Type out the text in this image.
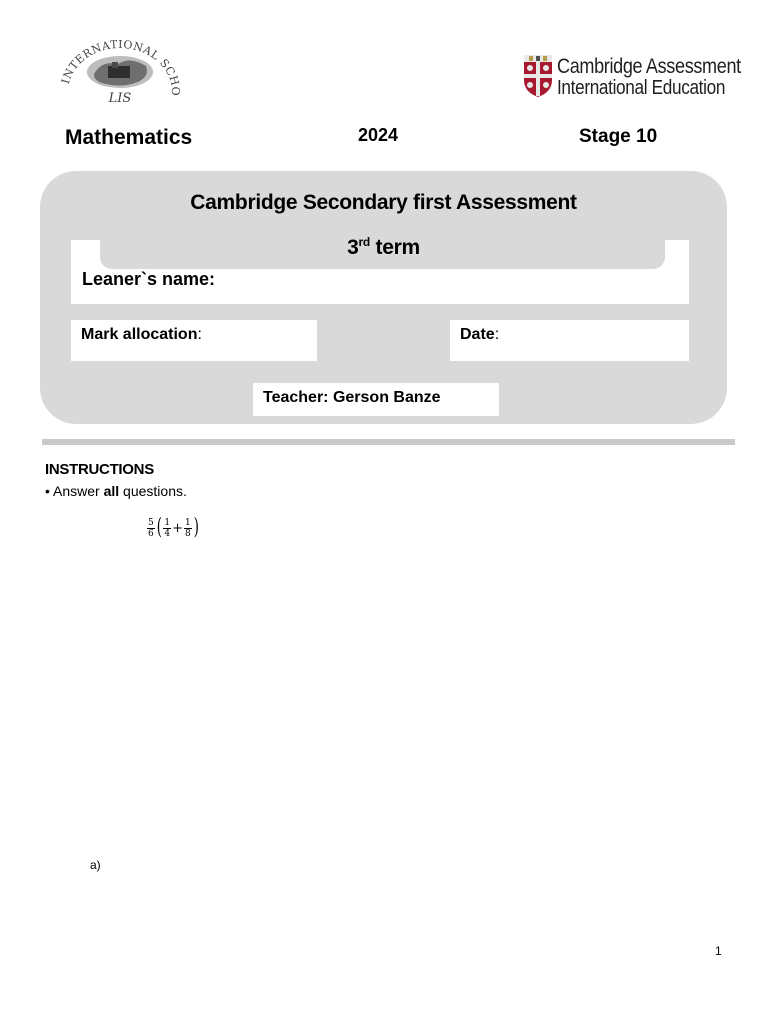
INTERNATIONAL SCHO
LIS
Cambridge Assessment
International Education
Mathematics	2024	Stage 10
Cambridge Secondary first Assessment
3rd term
Leaner`s name:
Mark allocation:	Date:
Teacher: Gerson Banze
INSTRUCTIONS
• Answer all questions.
$\frac{5}{6}$ ( $\frac{1}{4} + \frac{1}{8}$ )
a)
1
